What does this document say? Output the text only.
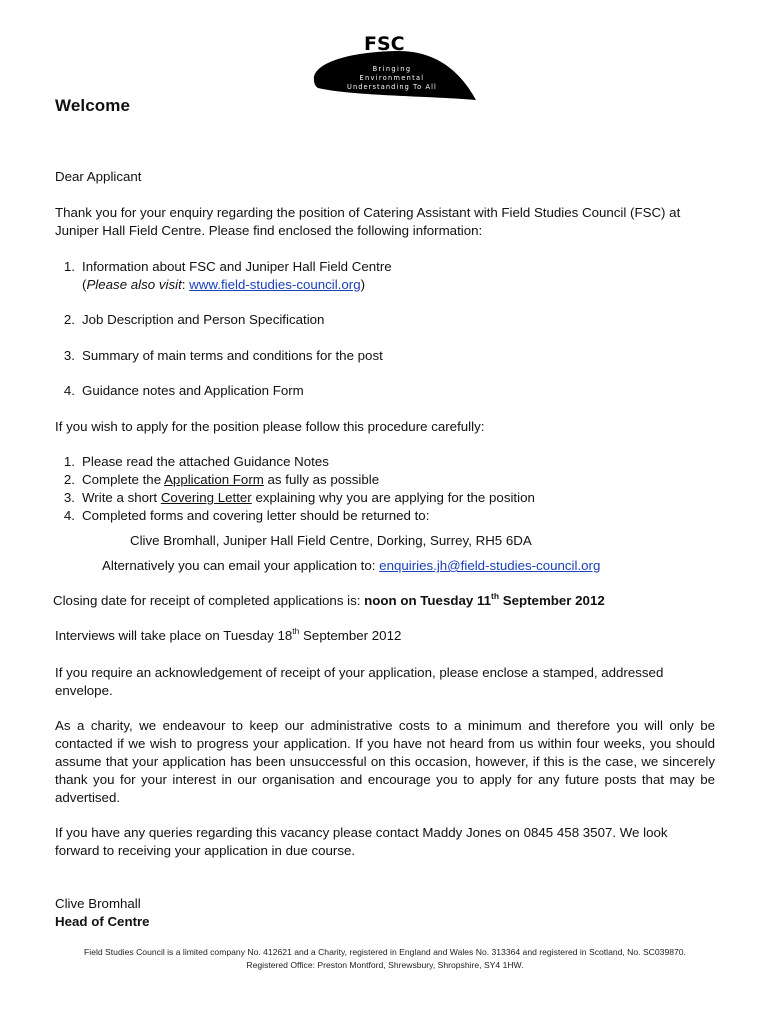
FSC
Bringing
Environmental
Understanding To All
Welcome

Dear Applicant

Thank you for your enquiry regarding the position of Catering Assistant with Field Studies Council (FSC) at Juniper Hall Field Centre. Please find enclosed the following information:

1. Information about FSC and Juniper Hall Field Centre
(Please also visit: www.field-studies-council.org)
2. Job Description and Person Specification
3. Summary of main terms and conditions for the post
4. Guidance notes and Application Form

If you wish to apply for the position please follow this procedure carefully:

1. Please read the attached Guidance Notes
2. Complete the Application Form as fully as possible
3. Write a short Covering Letter explaining why you are applying for the position
4. Completed forms and covering letter should be returned to:

Clive Bromhall, Juniper Hall Field Centre, Dorking, Surrey, RH5 6DA

Alternatively you can email your application to: enquiries.jh@field-studies-council.org

Closing date for receipt of completed applications is: noon on Tuesday 11th September 2012

Interviews will take place on Tuesday 18th September 2012

If you require an acknowledgement of receipt of your application, please enclose a stamped, addressed envelope.

As a charity, we endeavour to keep our administrative costs to a minimum and therefore you will only be contacted if we wish to progress your application. If you have not heard from us within four weeks, you should assume that your application has been unsuccessful on this occasion, however, if this is the case, we sincerely thank you for your interest in our organisation and encourage you to apply for any future posts that may be advertised.

If you have any queries regarding this vacancy please contact Maddy Jones on 0845 458 3507. We look forward to receiving your application in due course.

Clive Bromhall

Head of Centre

Field Studies Council is a limited company No. 412621 and a Charity, registered in England and Wales No. 313364 and registered in Scotland, No. SC039870.
Registered Office: Preston Montford, Shrewsbury, Shropshire, SY4 1HW.
